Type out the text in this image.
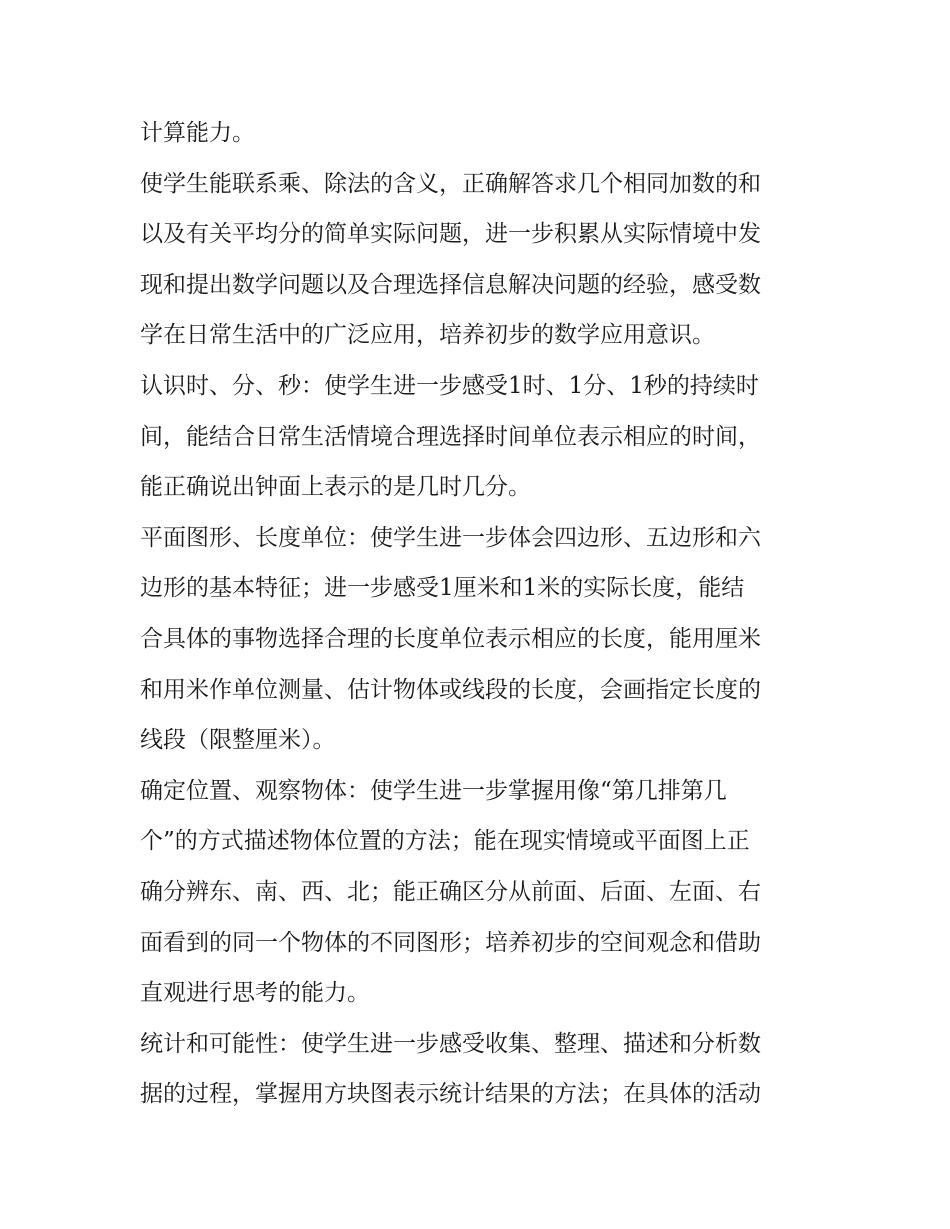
计算能力。
使学生能联系乘、除法的含义，正确解答求几个相同加数的和
以及有关平均分的简单实际问题，进一步积累从实际情境中发
现和提出数学问题以及合理选择信息解决问题的经验，感受数
学在日常生活中的广泛应用，培养初步的数学应用意识。
认识时、分、秒：使学生进一步感受1时、1分、1秒的持续时
间，能结合日常生活情境合理选择时间单位表示相应的时间，
能正确说出钟面上表示的是几时几分。
平面图形、长度单位：使学生进一步体会四边形、五边形和六
边形的基本特征；进一步感受1厘米和1米的实际长度，能结
合具体的事物选择合理的长度单位表示相应的长度，能用厘米
和用米作单位测量、估计物体或线段的长度，会画指定长度的
线段（限整厘米）。
确定位置、观察物体：使学生进一步掌握用像“第几排第几
个”的方式描述物体位置的方法；能在现实情境或平面图上正
确分辨东、南、西、北；能正确区分从前面、后面、左面、右
面看到的同一个物体的不同图形；培养初步的空间观念和借助
直观进行思考的能力。
统计和可能性：使学生进一步感受收集、整理、描述和分析数
据的过程，掌握用方块图表示统计结果的方法；在具体的活动
